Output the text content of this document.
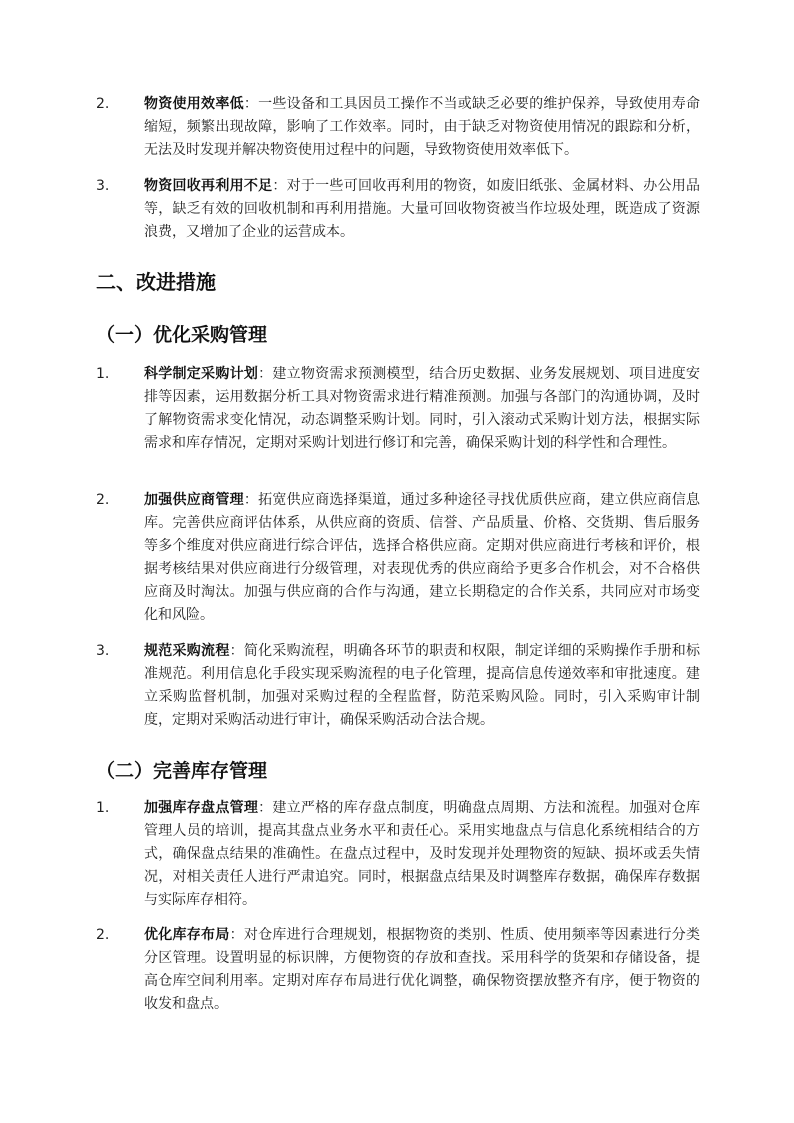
2. 物资使用效率低：一些设备和工具因员工操作不当或缺乏必要的维护保养，导致使用寿命缩短，频繁出现故障，影响了工作效率。同时，由于缺乏对物资使用情况的跟踪和分析，无法及时发现并解决物资使用过程中的问题，导致物资使用效率低下。
3. 物资回收再利用不足：对于一些可回收再利用的物资，如废旧纸张、金属材料、办公用品等，缺乏有效的回收机制和再利用措施。大量可回收物资被当作垃圾处理，既造成了资源浪费，又增加了企业的运营成本。
二、改进措施
（一）优化采购管理
1. 科学制定采购计划：建立物资需求预测模型，结合历史数据、业务发展规划、项目进度安排等因素，运用数据分析工具对物资需求进行精准预测。加强与各部门的沟通协调，及时了解物资需求变化情况，动态调整采购计划。同时，引入滚动式采购计划方法，根据实际需求和库存情况，定期对采购计划进行修订和完善，确保采购计划的科学性和合理性。
2. 加强供应商管理：拓宽供应商选择渠道，通过多种途径寻找优质供应商，建立供应商信息库。完善供应商评估体系，从供应商的资质、信誉、产品质量、价格、交货期、售后服务等多个维度对供应商进行综合评估，选择合格供应商。定期对供应商进行考核和评价，根据考核结果对供应商进行分级管理，对表现优秀的供应商给予更多合作机会，对不合格供应商及时淘汰。加强与供应商的合作与沟通，建立长期稳定的合作关系，共同应对市场变化和风险。
3. 规范采购流程：简化采购流程，明确各环节的职责和权限，制定详细的采购操作手册和标准规范。利用信息化手段实现采购流程的电子化管理，提高信息传递效率和审批速度。建立采购监督机制，加强对采购过程的全程监督，防范采购风险。同时，引入采购审计制度，定期对采购活动进行审计，确保采购活动合法合规。
（二）完善库存管理
1. 加强库存盘点管理：建立严格的库存盘点制度，明确盘点周期、方法和流程。加强对仓库管理人员的培训，提高其盘点业务水平和责任心。采用实地盘点与信息化系统相结合的方式，确保盘点结果的准确性。在盘点过程中，及时发现并处理物资的短缺、损坏或丢失情况，对相关责任人进行严肃追究。同时，根据盘点结果及时调整库存数据，确保库存数据与实际库存相符。
2. 优化库存布局：对仓库进行合理规划，根据物资的类别、性质、使用频率等因素进行分类分区管理。设置明显的标识牌，方便物资的存放和查找。采用科学的货架和存储设备，提高仓库空间利用率。定期对库存布局进行优化调整，确保物资摆放整齐有序，便于物资的收发和盘点。
